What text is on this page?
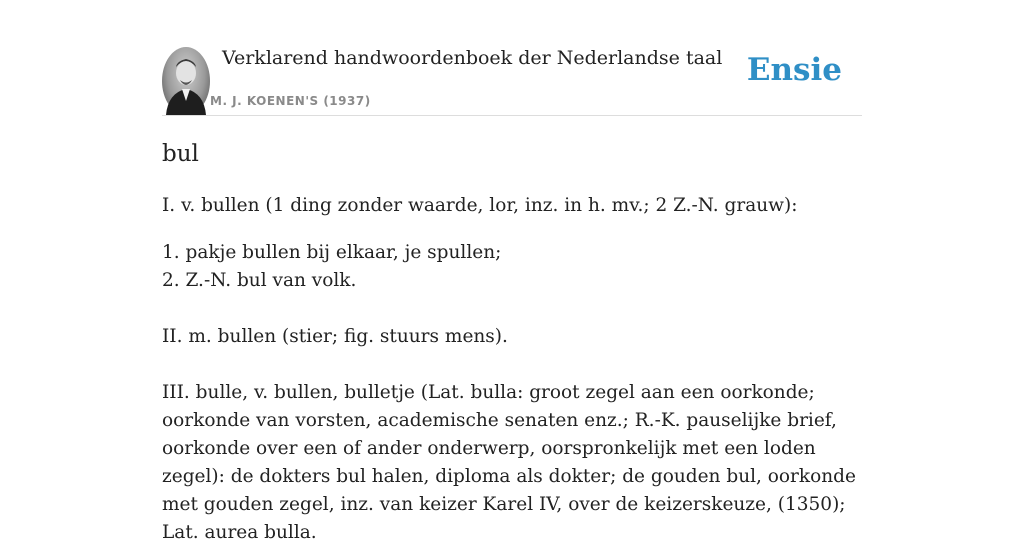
Verklarend handwoordenboek der Nederlandse taal
M. J. KOENEN'S (1937)
Ensie
bul

I. v. bullen (1 ding zonder waarde, lor, inz. in h. mv.; 2 Z.-N. grauw):

1. pakje bullen bij elkaar, je spullen;
2. Z.-N. bul van volk.

II. m. bullen (stier; fig. stuurs mens).

III. bulle, v. bullen, bulletje (Lat. bulla: groot zegel aan een oorkonde; oorkonde van vorsten, academische senaten enz.; R.-K. pauselijke brief, oorkonde over een of ander onderwerp, oorspronkelijk met een loden zegel): de dokters bul halen, diploma als dokter; de gouden bul, oorkonde met gouden zegel, inz. van keizer Karel IV, over de keizerskeuze, (1350); Lat. aurea bulla.
